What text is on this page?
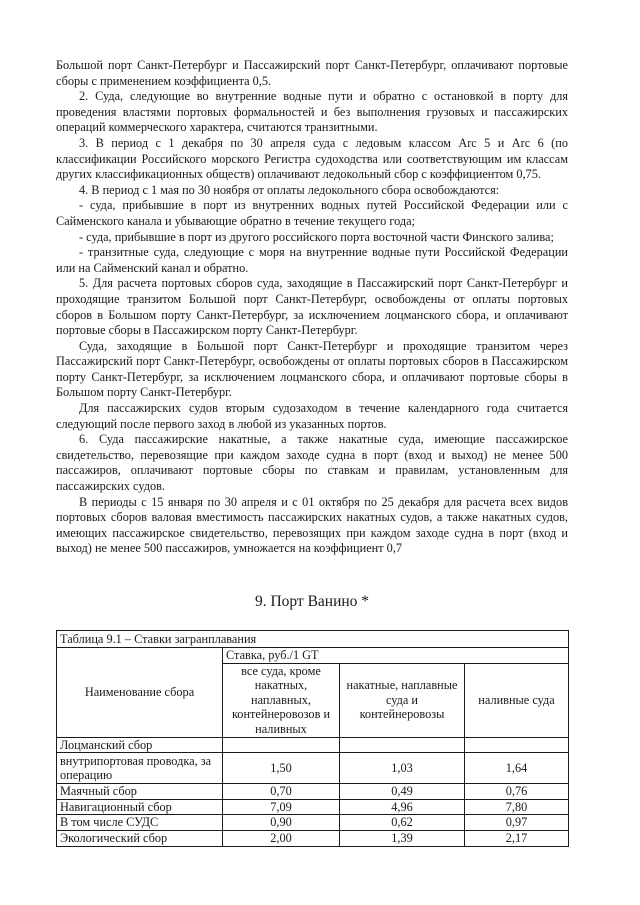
Большой порт Санкт-Петербург и Пассажирский порт Санкт-Петербург, оплачивают портовые сборы с применением коэффициента 0,5.

2. Суда, следующие во внутренние водные пути и обратно с остановкой в порту для проведения властями портовых формальностей и без выполнения грузовых и пассажирских операций коммерческого характера, считаются транзитными.

3. В период с 1 декабря по 30 апреля суда с ледовым классом Arc 5 и Arc 6 (по классификации Российского морского Регистра судоходства или соответствующим им классам других классификационных обществ) оплачивают ледокольный сбор с коэффициентом 0,75.

4. В период с 1 мая по 30 ноября от оплаты ледокольного сбора освобождаются:

- суда, прибывшие в порт из внутренних водных путей Российской Федерации или с Сайменского канала и убывающие обратно в течение текущего года;

- суда, прибывшие в порт из другого российского порта восточной части Финского залива;

- транзитные суда, следующие с моря на внутренние водные пути Российской Федерации или на Сайменский канал и обратно.

5. Для расчета портовых сборов суда, заходящие в Пассажирский порт Санкт-Петербург и проходящие транзитом Большой порт Санкт-Петербург, освобождены от оплаты портовых сборов в Большом порту Санкт-Петербург, за исключением лоцманского сбора, и оплачивают портовые сборы в Пассажирском порту Санкт-Петербург.

Суда, заходящие в Большой порт Санкт-Петербург и проходящие транзитом через Пассажирский порт Санкт-Петербург, освобождены от оплаты портовых сборов в Пассажирском порту Санкт-Петербург, за исключением лоцманского сбора, и оплачивают портовые сборы в Большом порту Санкт-Петербург.

Для пассажирских судов вторым судозаходом в течение календарного года считается следующий после первого заход в любой из указанных портов.

6. Суда пассажирские накатные, а также накатные суда, имеющие пассажирское свидетельство, перевозящие при каждом заходе судна в порт (вход и выход) не менее 500 пассажиров, оплачивают портовые сборы по ставкам и правилам, установленным для пассажирских судов.

В периоды с 15 января по 30 апреля и с 01 октября по 25 декабря для расчета всех видов портовых сборов валовая вместимость пассажирских накатных судов, а также накатных судов, имеющих пассажирское свидетельство, перевозящих при каждом заходе судна в порт (вход и выход) не менее 500 пассажиров, умножается на коэффициент 0,7

9. Порт Ванино *
Таблица 9.1 – Ставки загранплавания			
Наименование сбора	Ставка, руб./1 GT		
	все суда, кроме накатных, наплавных, контейнеровозов и наливных	накатные, наплавные суда и контейнеровозы	наливные суда
Лоцманский сбор			
внутрипортовая проводка, за операцию	1,50	1,03	1,64
Маячный сбор	0,70	0,49	0,76
Навигационный сбор	7,09	4,96	7,80
В том числе СУДС	0,90	0,62	0,97
Экологический сбор	2,00	1,39	2,17
